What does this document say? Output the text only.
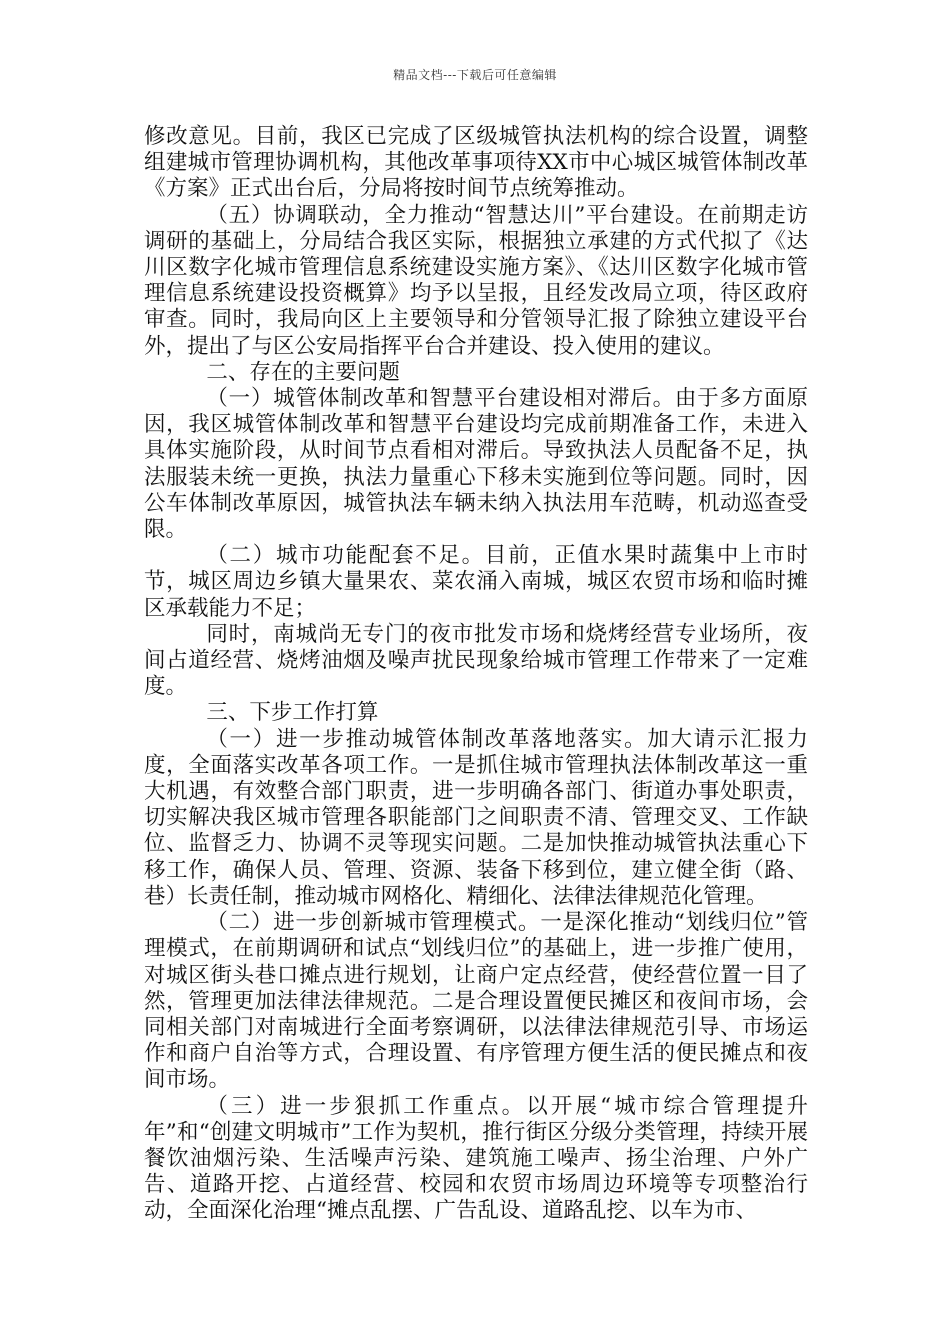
精品文档---下载后可任意编辑

修改意见。目前，我区已完成了区级城管执法机构的综合设置，调整组建城市管理协调机构，其他改革事项待XX市中心城区城管体制改革《方案》正式出台后，分局将按时间节点统筹推动。

（五）协调联动，全力推动“智慧达川”平台建设。在前期走访调研的基础上，分局结合我区实际，根据独立承建的方式代拟了《达川区数字化城市管理信息系统建设实施方案》、《达川区数字化城市管理信息系统建设投资概算》均予以呈报，且经发改局立项，待区政府审查。同时，我局向区上主要领导和分管领导汇报了除独立建设平台外，提出了与区公安局指挥平台合并建设、投入使用的建议。

二、存在的主要问题

（一）城管体制改革和智慧平台建设相对滞后。由于多方面原因，我区城管体制改革和智慧平台建设均完成前期准备工作，未进入具体实施阶段，从时间节点看相对滞后。导致执法人员配备不足，执法服装未统一更换，执法力量重心下移未实施到位等问题。同时，因公车体制改革原因，城管执法车辆未纳入执法用车范畴，机动巡查受限。

（二）城市功能配套不足。目前，正值水果时蔬集中上市时节，城区周边乡镇大量果农、菜农涌入南城，城区农贸市场和临时摊区承载能力不足；

同时，南城尚无专门的夜市批发市场和烧烤经营专业场所，夜间占道经营、烧烤油烟及噪声扰民现象给城市管理工作带来了一定难度。

三、下步工作打算

（一）进一步推动城管体制改革落地落实。加大请示汇报力度，全面落实改革各项工作。一是抓住城市管理执法体制改革这一重大机遇，有效整合部门职责，进一步明确各部门、街道办事处职责，切实解决我区城市管理各职能部门之间职责不清、管理交叉、工作缺位、监督乏力、协调不灵等现实问题。二是加快推动城管执法重心下移工作，确保人员、管理、资源、装备下移到位，建立健全街（路、巷）长责任制，推动城市网格化、精细化、法律法律规范化管理。

（二）进一步创新城市管理模式。一是深化推动“划线归位”管理模式，在前期调研和试点“划线归位”的基础上，进一步推广使用，对城区街头巷口摊点进行规划，让商户定点经营，使经营位置一目了然，管理更加法律法律规范。二是合理设置便民摊区和夜间市场，会同相关部门对南城进行全面考察调研，以法律法律规范引导、市场运作和商户自治等方式，合理设置、有序管理方便生活的便民摊点和夜间市场。

（三）进一步狠抓工作重点。以开展“城市综合管理提升年”和“创建文明城市”工作为契机，推行街区分级分类管理，持续开展餐饮油烟污染、生活噪声污染、建筑施工噪声、扬尘治理、户外广告、道路开挖、占道经营、校园和农贸市场周边环境等专项整治行动，全面深化治理“摊点乱摆、广告乱设、道路乱挖、以车为市、
